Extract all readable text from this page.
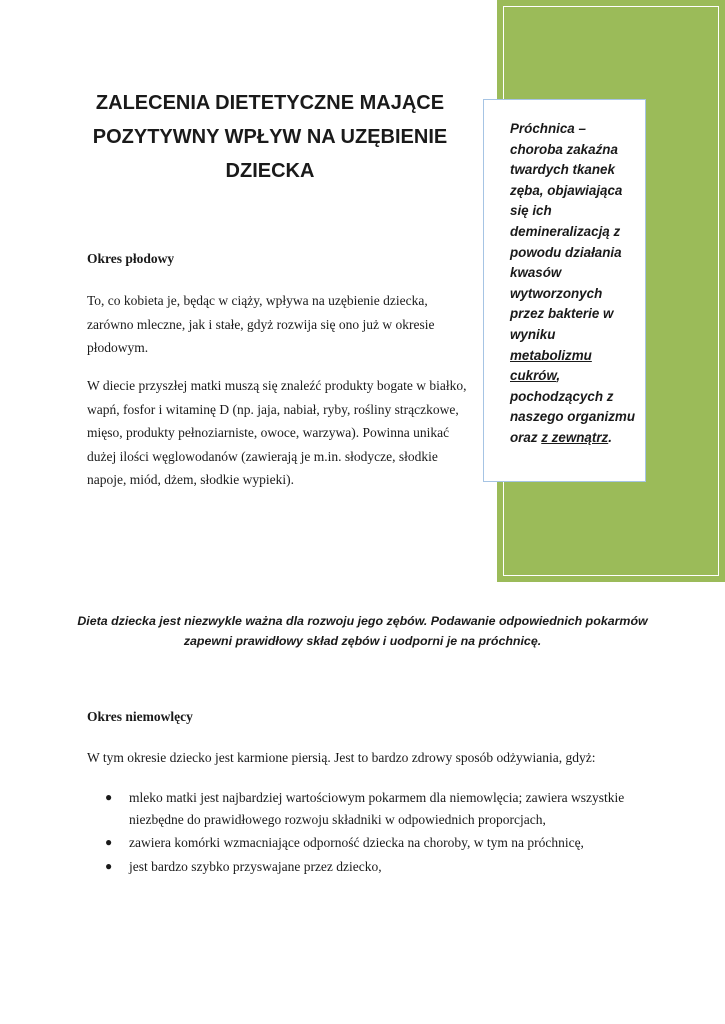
Próchnica – choroba zakaźna twardych tkanek zęba, objawiająca się ich demineralizacją z powodu działania kwasów wytworzonych przez bakterie w wyniku metabolizmu cukrów, pochodzących z naszego organizmu oraz z zewnątrz.
ZALECENIA DIETETYCZNE MAJĄCE POZYTYWNY WPŁYW NA UZĘBIENIE DZIECKA

Okres płodowy

To, co kobieta je, będąc w ciąży, wpływa na uzębienie dziecka, zarówno mleczne, jak i stałe, gdyż rozwija się ono już w okresie płodowym.

W diecie przyszłej matki muszą się znaleźć produkty bogate w białko, wapń, fosfor i witaminę D (np. jaja, nabiał, ryby, rośliny strączkowe, mięso, produkty pełnoziarniste, owoce, warzywa). Powinna unikać dużej ilości węglowodanów (zawierają je m.in. słodycze, słodkie napoje, miód, dżem, słodkie wypieki).

Dieta dziecka jest niezwykle ważna dla rozwoju jego zębów. Podawanie odpowiednich pokarmów zapewni prawidłowy skład zębów i uodporni je na próchnicę.

Okres niemowlęcy

W tym okresie dziecko jest karmione piersią. Jest to bardzo zdrowy sposób odżywiania, gdyż:

● mleko matki jest najbardziej wartościowym pokarmem dla niemowlęcia; zawiera wszystkie niezbędne do prawidłowego rozwoju składniki w odpowiednich proporcjach,
● zawiera komórki wzmacniające odporność dziecka na choroby, w tym na próchnicę,
● jest bardzo szybko przyswajane przez dziecko,
